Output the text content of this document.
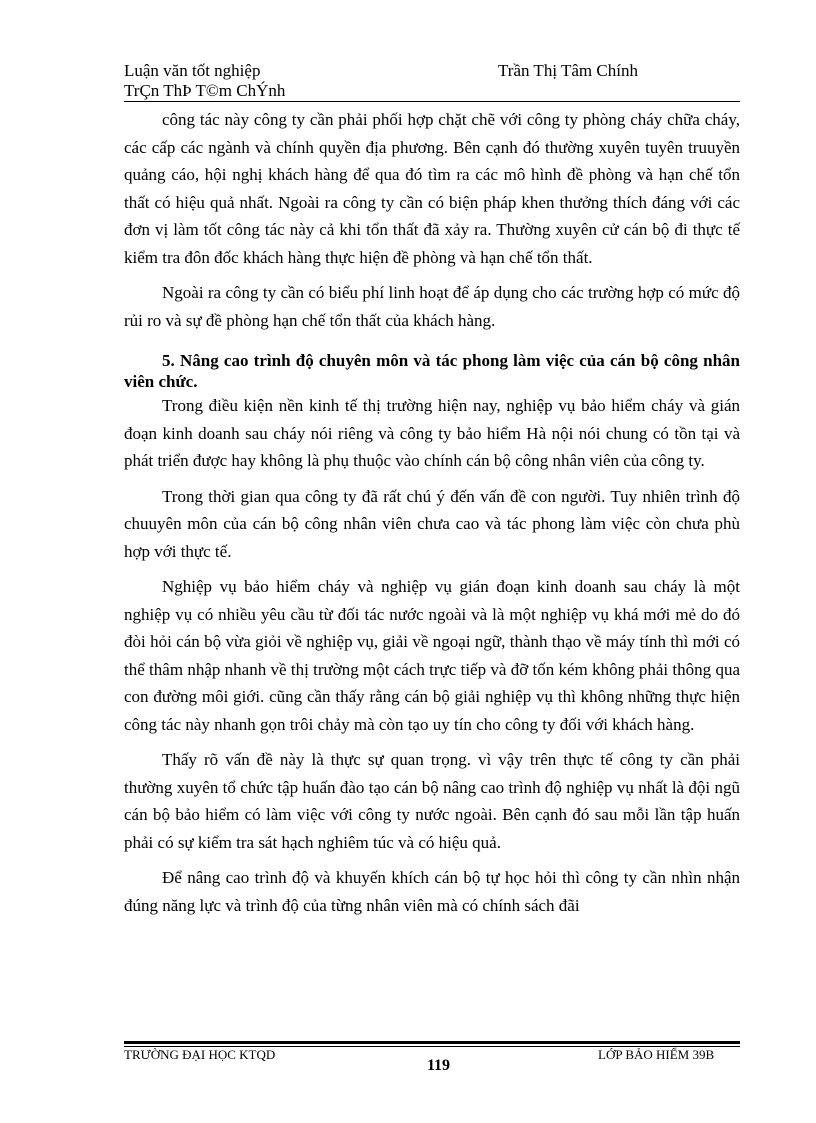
Luận văn tốt nghiệp	Trần Thị Tâm Chính
TrÇn ThÞ T©m ChÝnh

công tác này công ty cần phải phối hợp chặt chẽ với công ty phòng cháy chữa cháy, các cấp các ngành và chính quyền địa phương. Bên cạnh đó thường xuyên tuyên truuyền quảng cáo, hội nghị khách hàng để qua đó tìm ra các mô hình đề phòng và hạn chế tổn thất có hiệu quả nhất. Ngoài ra công ty cần có biện pháp khen thưởng thích đáng với các đơn vị làm tốt công tác này cả khi tổn thất đã xảy ra. Thường xuyên cử cán bộ đi thực tế kiểm tra đôn đốc khách hàng thực hiện đề phòng và hạn chế tổn thất.

Ngoài ra công ty cần có biểu phí linh hoạt để áp dụng cho các trường hợp có mức độ rủi ro và sự đề phòng hạn chế tổn thất của khách hàng.

5. Nâng cao trình độ chuyên môn và tác phong làm việc của cán bộ công nhân viên chức.

Trong điều kiện nền kinh tế thị trường hiện nay, nghiệp vụ bảo hiểm cháy và gián đoạn kinh doanh sau cháy nói riêng và công ty bảo hiểm Hà nội nói chung có tồn tại và phát triển được hay không là phụ thuộc vào chính cán bộ công nhân viên của công ty.

Trong thời gian qua công ty đã rất chú ý đến vấn đề con người. Tuy nhiên trình độ chuuyên môn của cán bộ công nhân viên chưa cao và tác phong làm việc còn chưa phù hợp với thực tế.

Nghiệp vụ bảo hiểm cháy và nghiệp vụ gián đoạn kinh doanh sau cháy là một nghiệp vụ có nhiều yêu cầu từ đối tác nước ngoài và là một nghiệp vụ khá mới mẻ do đó đòi hỏi cán bộ vừa giỏi về nghiệp vụ, giải về ngoại ngữ, thành thạo về máy tính thì mới có thể thâm nhập nhanh về thị trường một cách trực tiếp và đỡ tốn kém không phải thông qua con đường môi giới. cũng cần thấy rằng cán bộ giải nghiệp vụ thì không những thực hiện công tác này nhanh gọn trôi chảy mà còn tạo uy tín cho công ty đối với khách hàng.

Thấy rõ vấn đề này là thực sự quan trọng. vì vậy trên thực tế công ty cần phải thường xuyên tổ chức tập huấn đào tạo cán bộ nâng cao trình độ nghiệp vụ nhất là đội ngũ cán bộ bảo hiểm có làm việc với công ty nước ngoài. Bên cạnh đó sau mỗi lần tập huấn phải có sự kiểm tra sát hạch nghiêm túc và có hiệu quả.

Để nâng cao trình độ và khuyến khích cán bộ tự học hỏi thì công ty cần nhìn nhận đúng năng lực và trình độ của từng nhân viên mà có chính sách đãi

TRƯỜNG ĐẠI HỌC KTQD	LỚP BẢO HIỂM 39B
119
